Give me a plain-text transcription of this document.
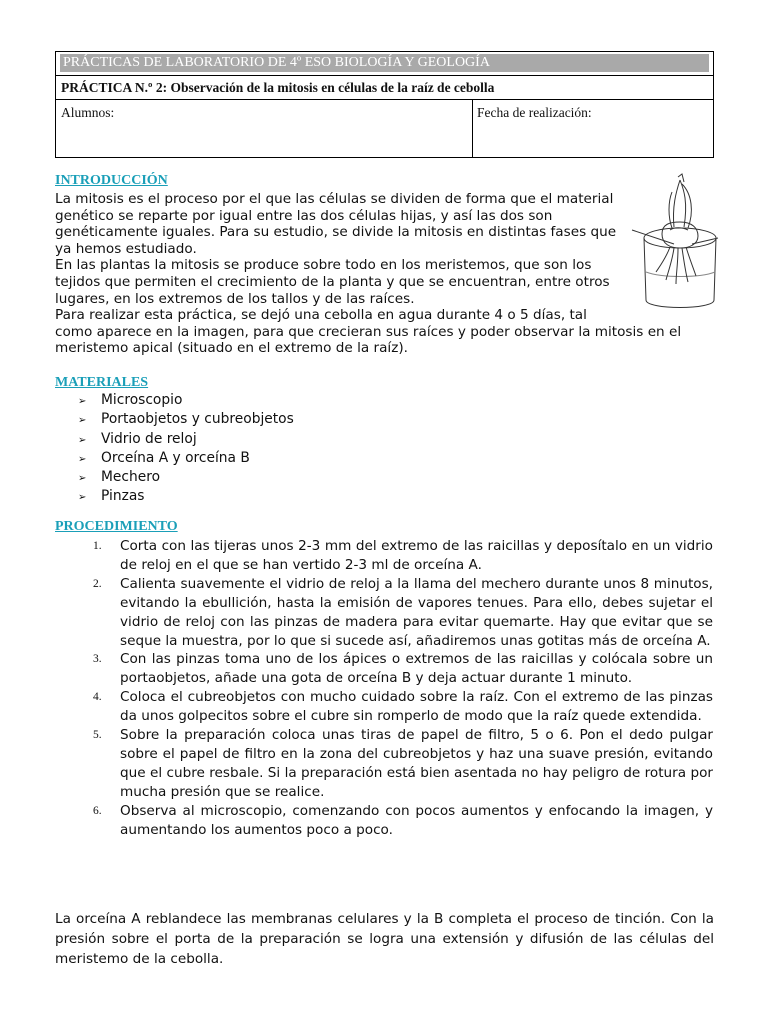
PRÁCTICAS DE LABORATORIO DE 4º ESO BIOLOGÍA Y GEOLOGÍA
PRÁCTICA N.º 2: Observación de la mitosis en células de la raíz de cebolla
Alumnos:	Fecha de realización:
INTRODUCCIÓN
La mitosis es el proceso por el que las células se dividen de forma que el material
genético se reparte por igual entre las dos células hijas, y así las dos son
genéticamente iguales. Para su estudio, se divide la mitosis en distintas fases que
ya hemos estudiado.
En las plantas la mitosis se produce sobre todo en los meristemos, que son los
tejidos que permiten el crecimiento de la planta y que se encuentran, entre otros
lugares, en los extremos de los tallos y de las raíces.
Para realizar esta práctica, se dejó una cebolla en agua durante 4 o 5 días, tal
como aparece en la imagen, para que crecieran sus raíces y poder observar la mitosis en el
meristemo apical (situado en el extremo de la raíz).
MATERIALES
➢ Microscopio
➢ Portaobjetos y cubreobjetos
➢ Vidrio de reloj
➢ Orceína A y orceína B
➢ Mechero
➢ Pinzas
PROCEDIMIENTO
1.	Corta con las tijeras unos 2-3 mm del extremo de las raicillas y deposítalo en un vidrio de reloj en el que se han vertido 2-3 ml de orceína A.
2.	Calienta suavemente el vidrio de reloj a la llama del mechero durante unos 8 minutos, evitando la ebullición, hasta la emisión de vapores tenues. Para ello, debes sujetar el vidrio de reloj con las pinzas de madera para evitar quemarte. Hay que evitar que se seque la muestra, por lo que si sucede así, añadiremos unas gotitas más de orceína A.
3.	Con las pinzas toma uno de los ápices o extremos de las raicillas y colócala sobre un portaobjetos, añade una gota de orceína B y deja actuar durante 1 minuto.
4.	Coloca el cubreobjetos con mucho cuidado sobre la raíz. Con el extremo de las pinzas da unos golpecitos sobre el cubre sin romperlo de modo que la raíz quede extendida.
5.	Sobre la preparación coloca unas tiras de papel de filtro, 5 o 6. Pon el dedo pulgar sobre el papel de filtro en la zona del cubreobjetos y haz una suave presión, evitando que el cubre resbale. Si la preparación está bien asentada no hay peligro de rotura por mucha presión que se realice.
6.	Observa al microscopio, comenzando con pocos aumentos y enfocando la imagen, y aumentando los aumentos poco a poco.
La orceína A reblandece las membranas celulares y la B completa el proceso de tinción. Con la presión sobre el porta de la preparación se logra una extensión y difusión de las células del meristemo de la cebolla.
